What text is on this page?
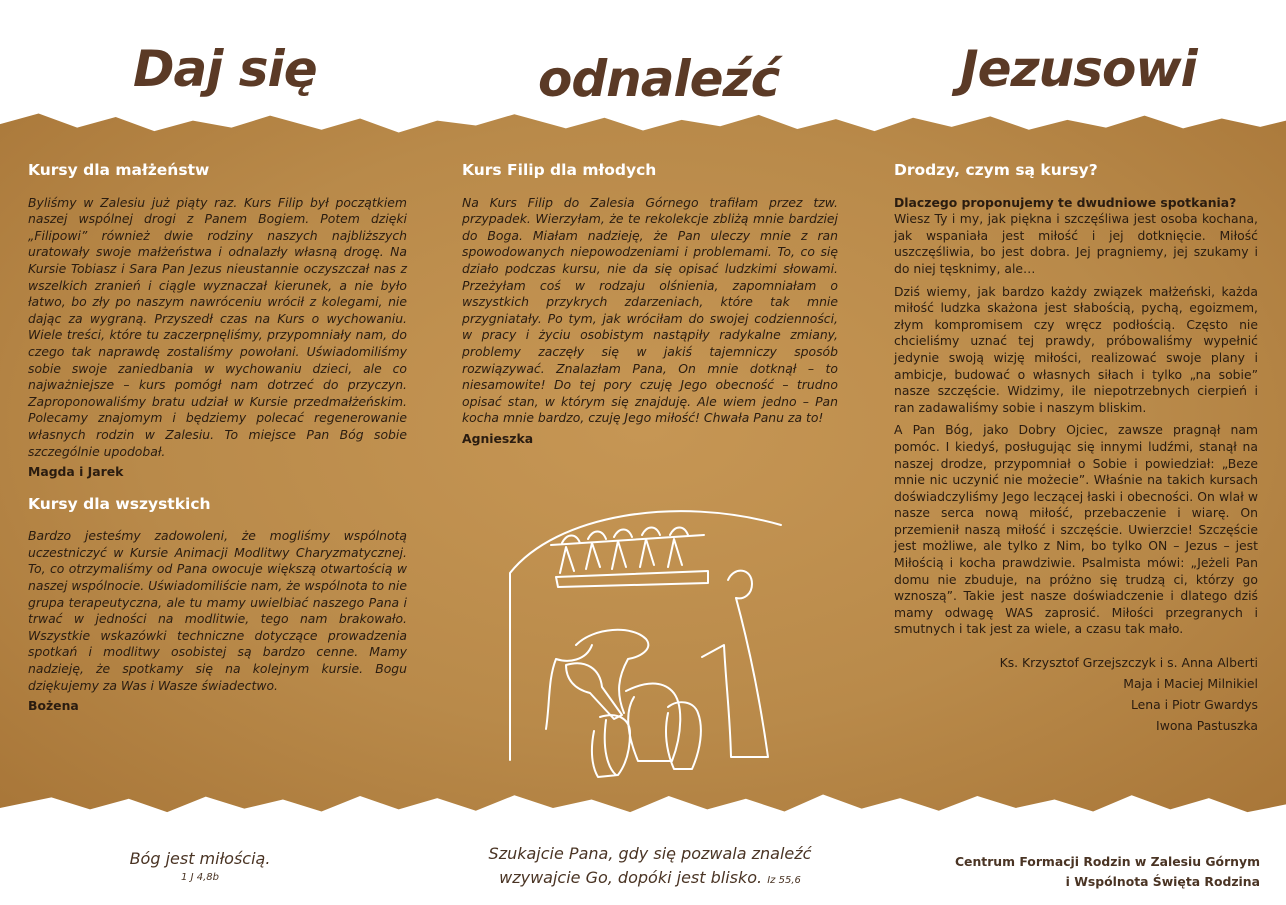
Daj się	odnaleźć	Jezusowi
Kursy dla małżeństw

Byliśmy w Zalesiu już piąty raz. Kurs Filip był początkiem naszej wspólnej drogi z Panem Bogiem. Potem dzięki „Filipowi” również dwie rodziny naszych najbliższych uratowały swoje małżeństwa i odnalazły własną drogę. Na Kursie Tobiasz i Sara Pan Jezus nieustannie oczyszczał nas z wszelkich zranień i ciągle wyznaczał kierunek, a nie było łatwo, bo zły po naszym nawróceniu wrócił z kolegami, nie dając za wygraną. Przyszedł czas na Kurs o wychowaniu. Wiele treści, które tu zaczerpnęliśmy, przypomniały nam, do czego tak naprawdę zostaliśmy powołani. Uświadomiliśmy sobie swoje zaniedbania w wychowaniu dzieci, ale co najważniejsze – kurs pomógł nam dotrzeć do przyczyn. Zaproponowaliśmy bratu udział w Kursie przedmałżeńskim. Polecamy znajomym i będziemy polecać regenerowanie własnych rodzin w Zalesiu. To miejsce Pan Bóg sobie szczególnie upodobał.

Magda i Jarek
Kursy dla wszystkich

Bardzo jesteśmy zadowoleni, że mogliśmy wspólnotą uczestniczyć w Kursie Animacji Modlitwy Charyzmatycznej. To, co otrzymaliśmy od Pana owocuje większą otwartością w naszej wspólnocie. Uświadomiliście nam, że wspólnota to nie grupa terapeutyczna, ale tu mamy uwielbiać naszego Pana i trwać w jedności na modlitwie, tego nam brakowało. Wszystkie wskazówki techniczne dotyczące prowadzenia spotkań i modlitwy osobistej są bardzo cenne. Mamy nadzieję, że spotkamy się na kolejnym kursie. Bogu dziękujemy za Was i Wasze świadectwo.

Bożena
Kurs Filip dla młodych

Na Kurs Filip do Zalesia Górnego trafiłam przez tzw. przypadek. Wierzyłam, że te rekolekcje zbliżą mnie bardziej do Boga. Miałam nadzieję, że Pan uleczy mnie z ran spowodowanych niepowodzeniami i problemami. To, co się działo podczas kursu, nie da się opisać ludzkimi słowami. Przeżyłam coś w rodzaju olśnienia, zapomniałam o wszystkich przykrych zdarzeniach, które tak mnie przygniatały. Po tym, jak wróciłam do swojej codzienności, w pracy i życiu osobistym nastąpiły radykalne zmiany, problemy zaczęły się w jakiś tajemniczy sposób rozwiązywać. Znalazłam Pana, On mnie dotknął – to niesamowite! Do tej pory czuję Jego obecność – trudno opisać stan, w którym się znajduję. Ale wiem jedno – Pan kocha mnie bardzo, czuję Jego miłość! Chwała Panu za to!

Agnieszka
Drodzy, czym są kursy?

Dlaczego proponujemy te dwudniowe spotkania?

Wiesz Ty i my, jak piękna i szczęśliwa jest osoba kochana, jak wspaniała jest miłość i jej dotknięcie. Miłość uszczęśliwia, bo jest dobra. Jej pragniemy, jej szukamy i do niej tęsknimy, ale…

Dziś wiemy, jak bardzo każdy związek małżeński, każda miłość ludzka skażona jest słabością, pychą, egoizmem, złym kompromisem czy wręcz podłością. Często nie chcieliśmy uznać tej prawdy, próbowaliśmy wypełnić jedynie swoją wizję miłości, realizować swoje plany i ambicje, budować o własnych siłach i tylko „na sobie” nasze szczęście. Widzimy, ile niepotrzebnych cierpień i ran zadawaliśmy sobie i naszym bliskim.

A Pan Bóg, jako Dobry Ojciec, zawsze pragnął nam pomóc. I kiedyś, posługując się innymi ludźmi, stanął na naszej drodze, przypomniał o Sobie i powiedział: „Beze mnie nic uczynić nie możecie”. Właśnie na takich kursach doświadczyliśmy Jego leczącej łaski i obecności. On wlał w nasze serca nową miłość, przebaczenie i wiarę. On przemienił naszą miłość i szczęście. Uwierzcie! Szczęście jest możliwe, ale tylko z Nim, bo tylko ON – Jezus – jest Miłością i kocha prawdziwie. Psalmista mówi: „Jeżeli Pan domu nie zbuduje, na próżno się trudzą ci, którzy go wznoszą”. Takie jest nasze doświadczenie i dlatego dziś mamy odwagę WAS zaprosić. Miłości przegranych i smutnych i tak jest za wiele, a czasu tak mało.

Ks. Krzysztof Grzejszczyk i s. Anna Alberti
Maja i Maciej Milnikiel
Lena i Piotr Gwardys
Iwona Pastuszka
Bóg jest miłością.
1 J 4,8b
Szukajcie Pana, gdy się pozwala znaleźć
wzywajcie Go, dopóki jest blisko. Iz 55,6
Centrum Formacji Rodzin w Zalesiu Górnym
i Wspólnota Święta Rodzina
